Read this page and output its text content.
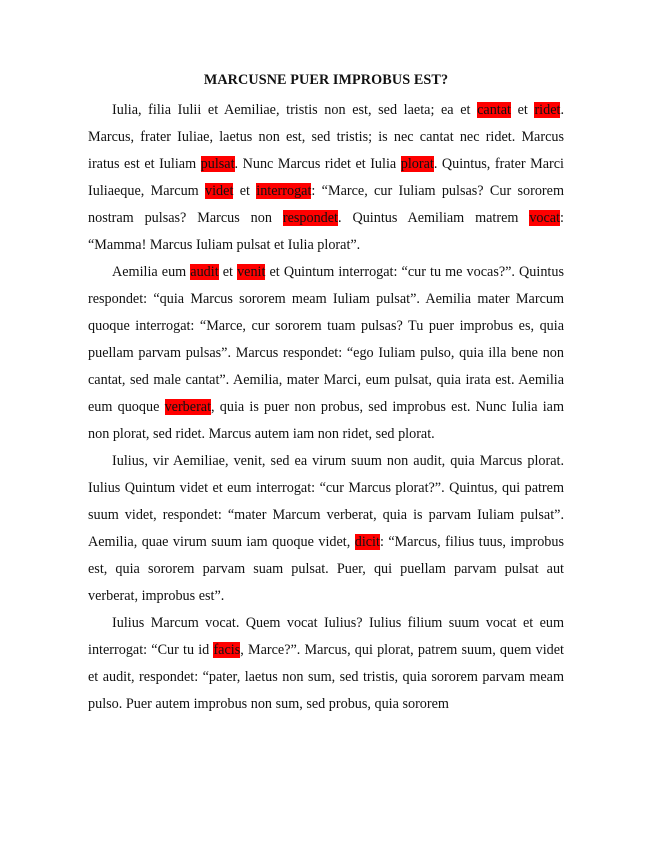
MARCUSNE PUER IMPROBUS EST?

Iulia, filia Iulii et Aemiliae, tristis non est, sed laeta; ea et cantat et ridet. Marcus, frater Iuliae, laetus non est, sed tristis; is nec cantat nec ridet. Marcus iratus est et Iuliam pulsat. Nunc Marcus ridet et Iulia plorat. Quintus, frater Marci Iuliaeque, Marcum videt et interrogat: “Marce, cur Iuliam pulsas? Cur sororem nostram pulsas? Marcus non respondet. Quintus Aemiliam matrem vocat: “Mamma! Marcus Iuliam pulsat et Iulia plorat”.

Aemilia eum audit et venit et Quintum interrogat: “cur tu me vocas?”. Quintus respondet: “quia Marcus sororem meam Iuliam pulsat”. Aemilia mater Marcum quoque interrogat: “Marce, cur sororem tuam pulsas? Tu puer improbus es, quia puellam parvam pulsas”. Marcus respondet: “ego Iuliam pulso, quia illa bene non cantat, sed male cantat”. Aemilia, mater Marci, eum pulsat, quia irata est. Aemilia eum quoque verberat, quia is puer non probus, sed improbus est. Nunc Iulia iam non plorat, sed ridet. Marcus autem iam non ridet, sed plorat.

Iulius, vir Aemiliae, venit, sed ea virum suum non audit, quia Marcus plorat. Iulius Quintum videt et eum interrogat: “cur Marcus plorat?”. Quintus, qui patrem suum videt, respondet: “mater Marcum verberat, quia is parvam Iuliam pulsat”. Aemilia, quae virum suum iam quoque videt, dicit: “Marcus, filius tuus, improbus est, quia sororem parvam suam pulsat. Puer, qui puellam parvam pulsat aut verberat, improbus est”.

Iulius Marcum vocat. Quem vocat Iulius? Iulius filium suum vocat et eum interrogat: “Cur tu id facis, Marce?”. Marcus, qui plorat, patrem suum, quem videt et audit, respondet: “pater, laetus non sum, sed tristis, quia sororem parvam meam pulso. Puer autem improbus non sum, sed probus, quia sororem
